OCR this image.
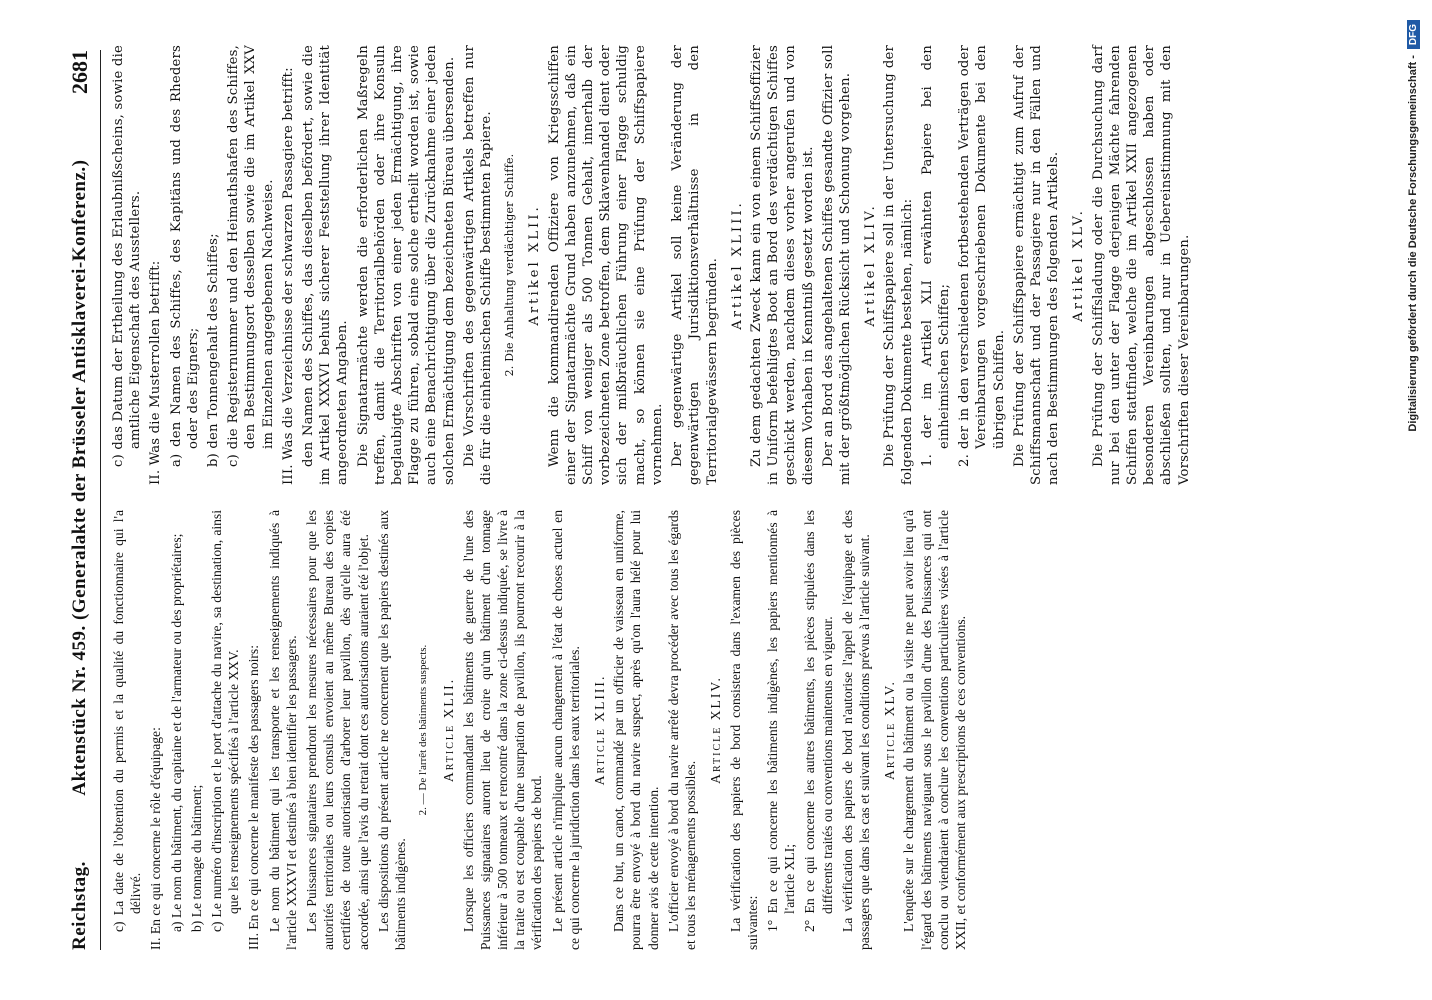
Reichstag.
Aktenstück Nr. 459. (Generalakte der Brüsseler Antisklaverei-Konferenz.)
2681

c) La date de l'obtention du permis et la qualité du fonctionnaire qui l'a délivré. II. En ce qui concerne le rôle d'équipage: a) Le nom du bâtiment, du capitaine et de l'armateur ou des propriétaires; b) Le tonnage du bâtiment; c) Le numéro d'inscription et le port d'attache du navire, sa destination, ainsi que les renseignements spécifiés à l'article XXV. III. En ce qui concerne le manifeste des passagers noirs: Le nom du bâtiment qui les transporte et les renseignements indiqués à l'article XXXVI et destinés à bien identifier les passagers. Les Puissances signataires prendront les mesures nécessaires pour que les autorités territoriales ou leurs consuls envoient au même Bureau des copies certifiées de toute autorisation d'arborer leur pavillon, dès qu'elle aura été accordée, ainsi que l'avis du retrait dont ces autorisations auraient été l'objet. Les dispositions du présent article ne concernent que les papiers destinés aux bâtiments indigènes.

2. — De l'arrêt des bâtiments suspects. Article XLII. Lorsque les officiers commandant les bâtiments de guerre de l'une des Puissances signataires auront lieu de croire qu'un bâtiment d'un tonnage inférieur à 500 tonneaux et rencontré dans la zone ci-dessus indiquée, se livre à la traite ou est coupable d'une usurpation de pavillon, ils pourront recourir à la vérification des papiers de bord. Le présent article n'implique aucun changement à l'état de choses actuel en ce qui concerne la juridiction dans les eaux territoriales. Article XLIII. Dans ce but, un canot, commandé par un officier de vaisseau en uniforme, pourra être envoyé à bord du navire suspect, après qu'on l'aura hélé pour lui donner avis de cette intention. L'officier envoyé à bord du navire arrêté devra procéder avec tous les égards et tous les ménagements possibles.

Article XLIV. La vérification des papiers de bord consistera dans l'examen des pièces suivantes: 1° En ce qui concerne les bâtiments indigènes, les papiers mentionnés à l'article XLI; 2° En ce qui concerne les autres bâtiments, les pièces stipulées dans les différents traités ou conventions maintenus en vigueur. La vérification des papiers de bord n'autorise l'appel de l'équipage et des passagers que dans les cas et suivant les conditions prévus à l'article suivant. Article XLV. L'enquête sur le chargement du bâtiment ou la visite ne peut avoir lieu qu'à l'égard des bâtiments naviguant sous le pavillon d'une des Puissances qui ont conclu ou viendraient à conclure les conventions particulières visées à l'article XXII, et conformément aux prescriptions de ces conventions.

c) das Datum der Ertheilung des Erlaubnißscheins, sowie die amtliche Eigenschaft des Ausstellers. II. Was die Musterrollen betrifft: a) den Namen des Schiffes, des Kapitäns und des Rheders oder des Eigners; b) den Tonnengehalt des Schiffes; c) die Registernummer und den Heimathshafen des Schiffes, den Bestimmungsort desselben sowie die im Artikel XXV im Einzelnen angegebenen Nachweise. III. Was die Verzeichnisse der schwarzen Passagiere betrifft: den Namen des Schiffes, das dieselben befördert, sowie die im Artikel XXXVI behufs sicherer Feststellung ihrer Identität angeordneten Angaben. Die Signatarmächte werden die erforderlichen Maßregeln treffen, damit die Territorialbehörden oder ihre Konsuln beglaubigte Abschriften von einer jeden Ermächtigung, ihre Flagge zu führen, sobald eine solche ertheilt worden ist, sowie auch eine Benachrichtigung über die Zurücknahme einer jeden solchen Ermächtigung dem bezeichneten Büreau übersenden. Die Vorschriften des gegenwärtigen Artikels betreffen nur die für die einheimischen Schiffe bestimmten Papiere. 2. Die Anhaltung verdächtiger Schiffe. Artikel XLII. Wenn die kommandirenden Offiziere von Kriegsschiffen einer der Signatarmächte Grund haben anzunehmen, daß ein Schiff von weniger als 500 Tonnen Gehalt, innerhalb der vorbezeichneten Zone betroffen, dem Sklavenhandel dient oder sich der mißbräuchlichen Führung einer Flagge schuldig macht, so können sie eine Prüfung der Schiffspapiere vornehmen. Der gegenwärtige Artikel soll keine Veränderung der gegenwärtigen Jurisdiktionsverhältnisse in den Territorialgewässern begründen. Artikel XLIII. Zu dem gedachten Zweck kann ein von einem Schiffsoffizier in Uniform befehligtes Boot an Bord des verdächtigen Schiffes geschickt werden, nachdem dieses vorher angerufen und von diesem Vorhaben in Kenntniß gesetzt worden ist. Der an Bord des angehaltenen Schiffes gesandte Offizier soll mit der größtmöglichen Rücksicht und Schonung vorgehen. Artikel XLIV. Die Prüfung der Schiffspapiere soll in der Untersuchung der folgenden Dokumente bestehen, nämlich: 1. der im Artikel XLI erwähnten Papiere bei den einheimischen Schiffen; 2. der in den verschiedenen fortbestehenden Verträgen oder Vereinbarungen vorgeschriebenen Dokumente bei den übrigen Schiffen. Die Prüfung der Schiffspapiere ermächtigt zum Aufruf der Schiffsmannschaft und der Passagiere nur in den Fällen und nach den Bestimmungen des folgenden Artikels. Artikel XLV. Die Prüfung der Schiffsladung oder die Durchsuchung darf nur bei den unter der Flagge derjenigen Mächte fahrenden Schiffen stattfinden, welche die im Artikel XXII angezogenen besonderen Vereinbarungen abgeschlossen haben oder abschließen sollten, und nur in Uebereinstimmung mit den Vorschriften dieser Vereinbarungen.	Digitalisierung gefördert durch die Deutsche Forschungsgemeinschaft -
DFG
